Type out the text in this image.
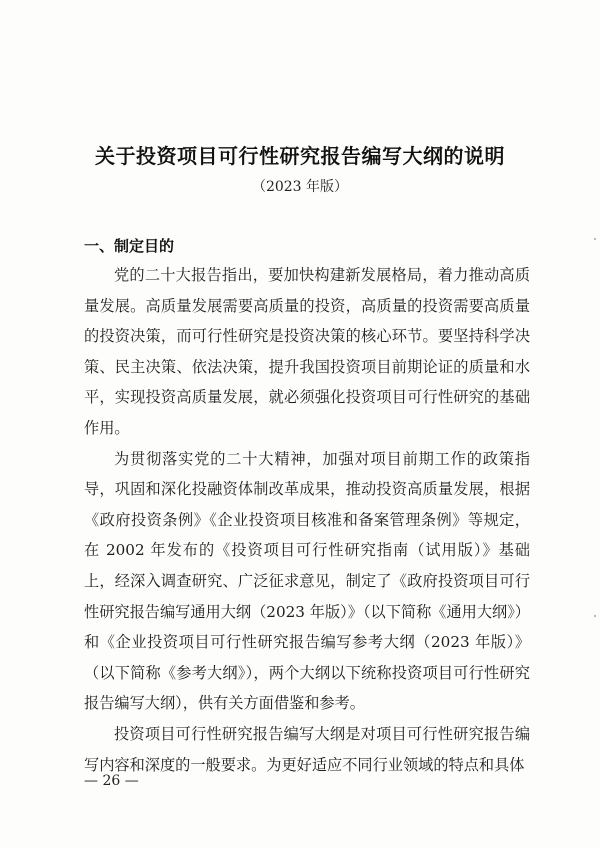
关于投资项目可行性研究报告编写大纲的说明
（2023 年版）
一、制定目的

党的二十大报告指出，要加快构建新发展格局，着力推动高质量发展。高质量发展需要高质量的投资，高质量的投资需要高质量的投资决策，而可行性研究是投资决策的核心环节。要坚持科学决策、民主决策、依法决策，提升我国投资项目前期论证的质量和水平，实现投资高质量发展，就必须强化投资项目可行性研究的基础作用。

为贯彻落实党的二十大精神，加强对项目前期工作的政策指导，巩固和深化投融资体制改革成果，推动投资高质量发展，根据《政府投资条例》《企业投资项目核准和备案管理条例》等规定，在 2002 年发布的《投资项目可行性研究指南（试用版）》基础上，经深入调查研究、广泛征求意见，制定了《政府投资项目可行性研究报告编写通用大纲（2023 年版）》（以下简称《通用大纲》）和《企业投资项目可行性研究报告编写参考大纲（2023 年版）》（以下简称《参考大纲》），两个大纲以下统称投资项目可行性研究报告编写大纲），供有关方面借鉴和参考。

投资项目可行性研究报告编写大纲是对项目可行性研究报告编写内容和深度的一般要求。为更好适应不同行业领域的特点和具体

— 26 —
